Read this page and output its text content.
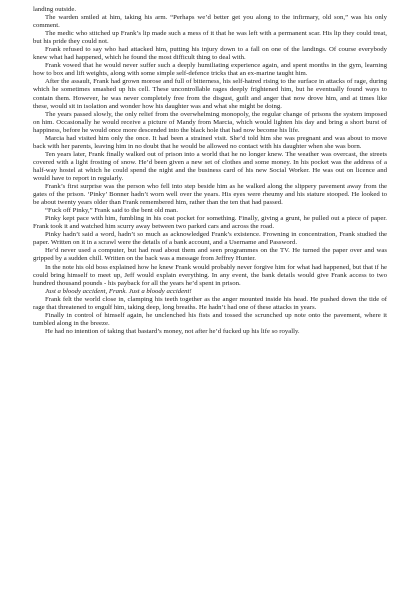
landing outside.

The warden smiled at him, taking his arm. “Perhaps we’d better get you along to the infirmary, old son,” was his only comment.

The medic who stitched up Frank’s lip made such a mess of it that he was left with a permanent scar. His lip they could treat, but his pride they could not.

Frank refused to say who had attacked him, putting his injury down to a fall on one of the landings. Of course everybody knew what had happened, which he found the most difficult thing to deal with.

Frank vowed that he would never suffer such a deeply humiliating experience again, and spent months in the gym, learning how to box and lift weights, along with some simple self-defence tricks that an ex-marine taught him.

After the assault, Frank had grown morose and full of bitterness, his self-hatred rising to the surface in attacks of rage, during which he sometimes smashed up his cell. These uncontrollable rages deeply frightened him, but he eventually found ways to contain them. However, he was never completely free from the disgust, guilt and anger that now drove him, and at times like these, would sit in isolation and wonder how his daughter was and what she might be doing.

The years passed slowly, the only relief from the overwhelming monopoly, the regular change of prisons the system imposed on him. Occasionally he would receive a picture of Mandy from Marcia, which would lighten his day and bring a short burst of happiness, before he would once more descended into the black hole that had now become his life.

Marcia had visited him only the once. It had been a strained visit. She’d told him she was pregnant and was about to move back with her parents, leaving him in no doubt that he would be allowed no contact with his daughter when she was born.

Ten years later, Frank finally walked out of prison into a world that he no longer knew. The weather was overcast, the streets covered with a light frosting of snow. He’d been given a new set of clothes and some money. In his pocket was the address of a half-way hostel at which he could spend the night and the business card of his new Social Worker. He was out on licence and would have to report in regularly.

Frank’s first surprise was the person who fell into step beside him as he walked along the slippery pavement away from the gates of the prison. ‘Pinky’ Bonner hadn’t worn well over the years. His eyes were rheumy and his stature stooped. He looked to be about twenty years older than Frank remembered him, rather than the ten that had passed.

“Fuck off Pinky,” Frank said to the bent old man.

Pinky kept pace with him, fumbling in his coat pocket for something. Finally, giving a grunt, he pulled out a piece of paper. Frank took it and watched him scurry away between two parked cars and across the road.

Pinky hadn’t said a word, hadn’t so much as acknowledged Frank’s existence. Frowning in concentration, Frank studied the paper. Written on it in a scrawl were the details of a bank account, and a Username and Password.

He’d never used a computer, but had read about them and seen programmes on the TV. He turned the paper over and was gripped by a sudden chill. Written on the back was a message from Jeffrey Hunter.

In the note his old boss explained how he knew Frank would probably never forgive him for what had happened, but that if he could bring himself to meet up, Jeff would explain everything. In any event, the bank details would give Frank access to two hundred thousand pounds - his payback for all the years he’d spent in prison.

Just a bloody accident, Frank. Just a bloody accident!

Frank felt the world close in, clamping his teeth together as the anger mounted inside his head. He pushed down the tide of rage that threatened to engulf him, taking deep, long breaths. He hadn’t had one of these attacks in years.

Finally in control of himself again, he unclenched his fists and tossed the scrunched up note onto the pavement, where it tumbled along in the breeze.

He had no intention of taking that bastard’s money, not after he’d fucked up his life so royally.
